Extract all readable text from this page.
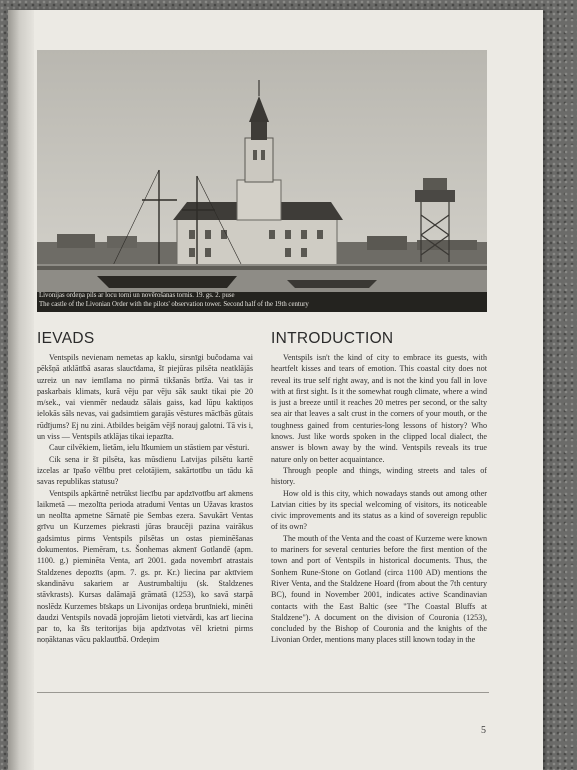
Livonijas ordeņa pils ar locu torni un novērošanas tornis. 19. gs. 2. puse
The castle of the Livonian Order with the pilots' observation tower. Second half of the 19th century
IEVADS	INTRODUCTION

Ventspils nevienam nemetas ap kaklu, sirsnīgi bučodama vai pēkšņā atklātībā asaras slaucīdama, šī piejūras pilsēta neatklājās uzreiz un nav iemīlama no pirmā tikšanās brīža. Vai tas ir paskarbais klimats, kurā vēju par vēju sāk saukt tikai pie 20 m/sek., vai vienmēr nedaudz sālais gaiss, kad lūpu kaktiņos ielokās sāls nevas, vai gadsimtiem garajās vēstures mācībās gūtais rūdījums? Ej nu zini. Atbildes beigām vējš norauj galotni. Tā vis i, un viss — Ventspils atklājas tikai iepazīta.

Caur cilvēkiem, lietām, ielu līkumiem un stāstiem par vēsturi.

Cik sena ir šī pilsēta, kas mūsdienu Latvijas pilsētu kartē izcelas ar īpašo vēlību pret celotājiem, sakārtotību un tādu kā savas republikas statusu?

Ventspils apkārtnē netrūkst liecību par apdzīvotību arī akmens laikmetā — mezolīta perioda atradumi Ventas un Užavas krastos un neolīta apmetne Sārnatē pie Sembas ezera. Savukārt Ventas grīvu un Kurzemes piekrasti jūras braucēji pazina vairākus gadsimtus pirms Ventspils pilsētas un ostas pieminēšanas dokumentos. Piemēram, t.s. Šonhemas akmenī Gotlandē (apm. 1100. g.) pieminēta Venta, arī 2001. gada novembrī atrastais Staldzenes depozīts (apm. 7. gs. pr. Kr.) liecina par aktīviem skandināvu sakariem ar Austrumbaltiju (sk. Staldzenes stāvkrasts). Kursas dalāmajā grāmatā (1253), ko savā starpā noslēdz Kurzemes bīskaps un Livonijas ordeņa brunīnieki, minēti daudzi Ventspils novadā joprojām lietoti vietvārdi, kas arī liecina par to, ka šīs teritorijas bija apdzīvotas vēl krietni pirms noņāktanas vācu paklautībā. Ordeņim

Ventspils isn't the kind of city to embrace its guests, with heartfelt kisses and tears of emotion. This coastal city does not reveal its true self right away, and is not the kind you fall in love with at first sight. Is it the somewhat rough climate, where a wind is just a breeze until it reaches 20 metres per second, or the salty sea air that leaves a salt crust in the corners of your mouth, or the toughness gained from centuries-long lessons of history? Who knows. Just like words spoken in the clipped local dialect, the answer is blown away by the wind. Ventspils reveals its true nature only on better acquaintance.

Through people and things, winding streets and tales of history.

How old is this city, which nowadays stands out among other Latvian cities by its special welcoming of visitors, its noticeable civic improvements and its status as a kind of sovereign republic of its own?

The mouth of the Venta and the coast of Kurzeme were known to mariners for several centuries before the first mention of the town and port of Ventspils in historical documents. Thus, the Sonhem Rune-Stone on Gotland (circa 1100 AD) mentions the River Venta, and the Staldzene Hoard (from about the 7th century BC), found in November 2001, indicates active Scandinavian contacts with the East Baltic (see "The Coastal Bluffs at Staldzene"). A document on the division of Couronia (1253), concluded by the Bishop of Couronia and the knights of the Livonian Order, mentions many places still known today in the

5
